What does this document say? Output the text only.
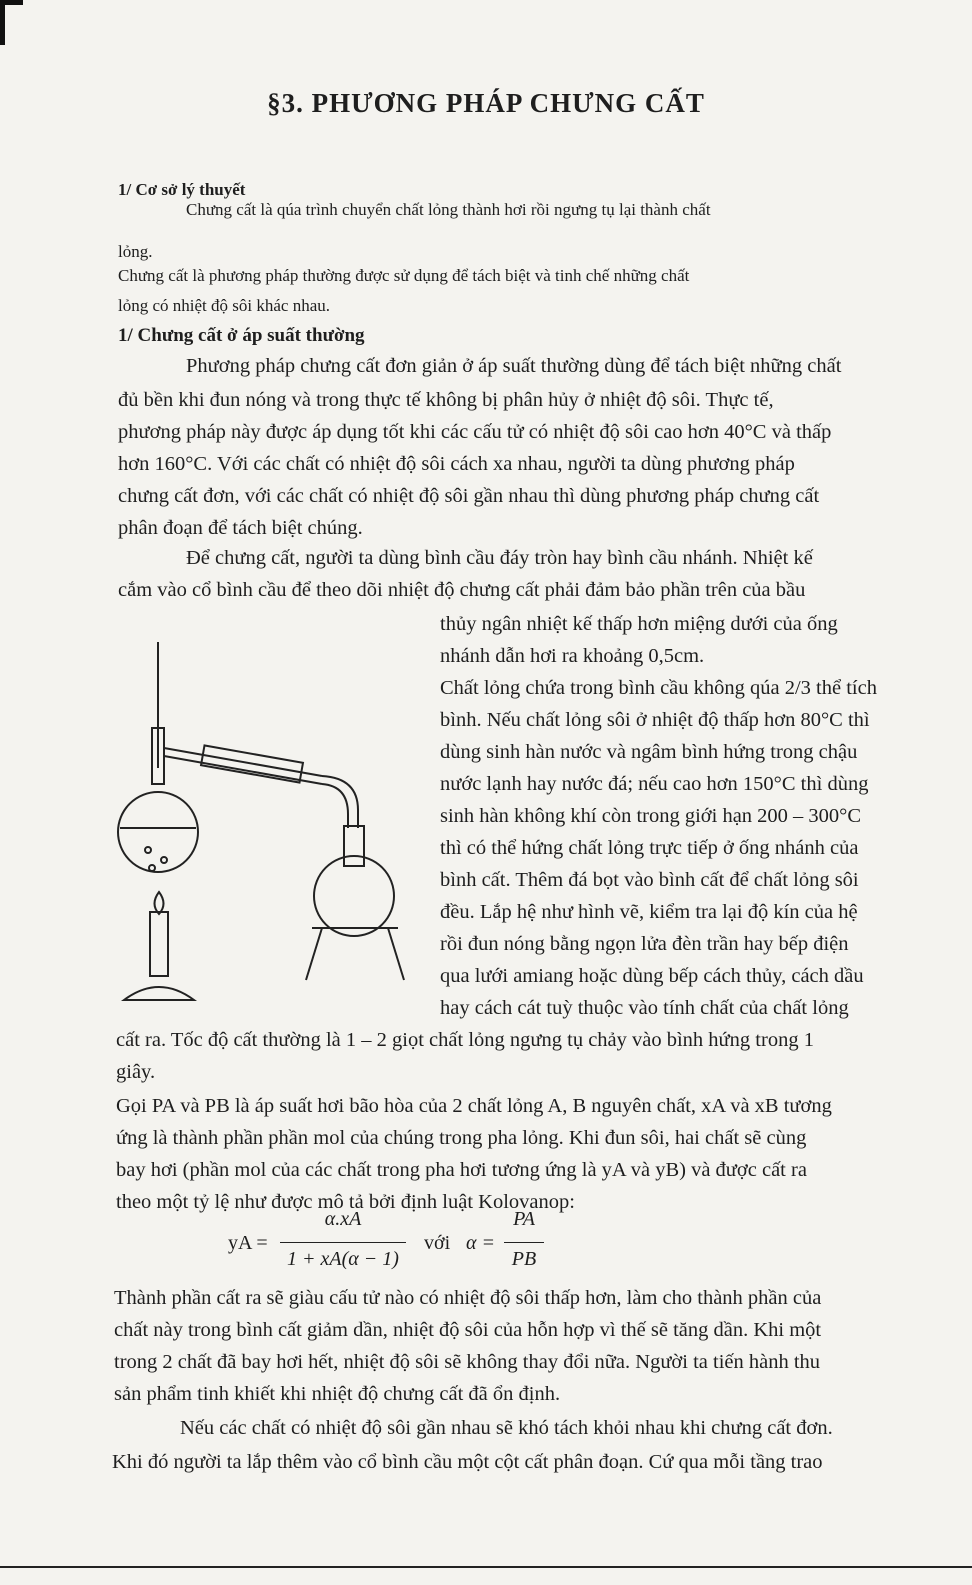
§3. PHƯƠNG PHÁP CHƯNG CẤT
1/ Cơ sở lý thuyết
Chưng cất là qúa trình chuyển chất lỏng thành hơi rồi ngưng tụ lại thành chất
lỏng.
Chưng cất là phương pháp thường được sử dụng để tách biệt và tinh chế những chất
lỏng có nhiệt độ sôi khác nhau.
1/ Chưng cất ở áp suất thường
Phương pháp chưng cất đơn giản ở áp suất thường dùng để tách biệt những chất
đủ bền khi đun nóng và trong thực tế không bị phân hủy ở nhiệt độ sôi. Thực tế,
phương pháp này được áp dụng tốt khi các cấu tử có nhiệt độ sôi cao hơn 40°C và thấp
hơn 160°C. Với các chất có nhiệt độ sôi cách xa nhau, người ta dùng phương pháp
chưng cất đơn, với các chất có nhiệt độ sôi gần nhau thì dùng phương pháp chưng cất
phân đoạn để tách biệt chúng.
Để chưng cất, người ta dùng bình cầu đáy tròn hay bình cầu nhánh. Nhiệt kế
cắm vào cổ bình cầu để theo dõi nhiệt độ chưng cất phải đảm bảo phần trên của bầu
thủy ngân nhiệt kế thấp hơn miệng dưới của ống
nhánh dẫn hơi ra khoảng 0,5cm.
Chất lỏng chứa trong bình cầu không qúa 2/3 thể tích
bình. Nếu chất lỏng sôi ở nhiệt độ thấp hơn 80°C thì
dùng sinh hàn nước và ngâm bình hứng trong chậu
nước lạnh hay nước đá; nếu cao hơn 150°C thì dùng
sinh hàn không khí còn trong giới hạn 200 – 300°C
thì có thể hứng chất lỏng trực tiếp ở ống nhánh của
bình cất. Thêm đá bọt vào bình cất để chất lỏng sôi
đều. Lắp hệ như hình vẽ, kiểm tra lại độ kín của hệ
rồi đun nóng bằng ngọn lửa đèn trần hay bếp điện
qua lưới amiang hoặc dùng bếp cách thủy, cách dầu
hay cách cát tuỳ thuộc vào tính chất của chất lỏng
cất ra. Tốc độ cất thường là 1 – 2 giọt chất lỏng ngưng tụ chảy vào bình hứng trong 1
giây.
Gọi PA và PB là áp suất hơi bão hòa của 2 chất lỏng A, B nguyên chất, xA và xB tương
ứng là thành phần phần mol của chúng trong pha lỏng. Khi đun sôi, hai chất sẽ cùng
bay hơi (phần mol của các chất trong pha hơi tương ứng là yA và yB) và được cất ra
theo một tỷ lệ như được mô tả bởi định luật Kolovanop:
yA =
α.xA
1 + xA(α − 1)
với α =
PA
PB
Thành phần cất ra sẽ giàu cấu tử nào có nhiệt độ sôi thấp hơn, làm cho thành phần của
chất này trong bình cất giảm dần, nhiệt độ sôi của hỗn hợp vì thế sẽ tăng dần. Khi một
trong 2 chất đã bay hơi hết, nhiệt độ sôi sẽ không thay đổi nữa. Người ta tiến hành thu
sản phẩm tinh khiết khi nhiệt độ chưng cất đã ổn định.
Nếu các chất có nhiệt độ sôi gần nhau sẽ khó tách khỏi nhau khi chưng cất đơn.
Khi đó người ta lắp thêm vào cổ bình cầu một cột cất phân đoạn. Cứ qua mỗi tầng trao
